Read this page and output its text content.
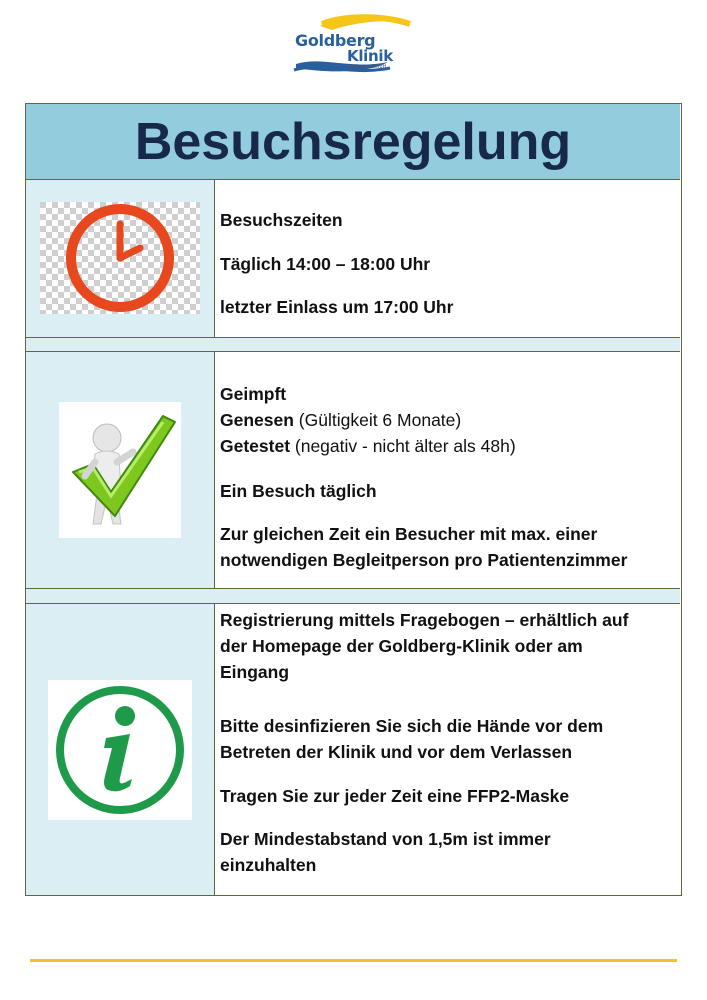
Goldberg
Klinik
Kelheim GmbH
Besuchsregelung
Besuchszeiten
Täglich 14:00 – 18:00 Uhr
letzter Einlass um 17:00 Uhr
Geimpft
Genesen (Gültigkeit 6 Monate)
Getestet (negativ - nicht älter als 48h)
Ein Besuch täglich
Zur gleichen Zeit ein Besucher mit max. einer
notwendigen Begleitperson pro Patientenzimmer
Registrierung mittels Fragebogen – erhältlich auf
der Homepage der Goldberg-Klinik oder am
Eingang
Bitte desinfizieren Sie sich die Hände vor dem
Betreten der Klinik und vor dem Verlassen
Tragen Sie zur jeder Zeit eine FFP2-Maske
Der Mindestabstand von 1,5m ist immer
einzuhalten
